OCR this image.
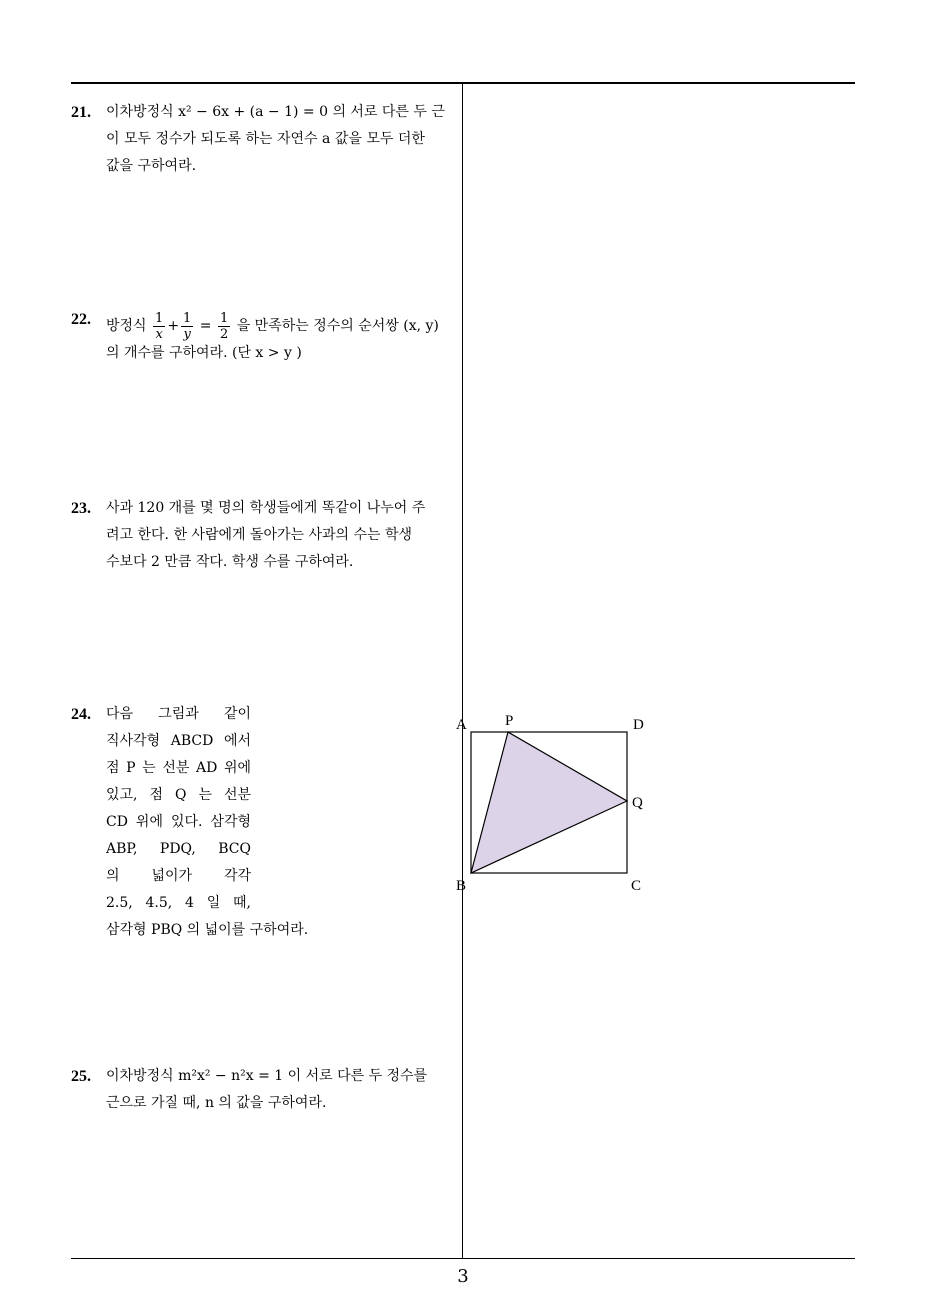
21. 이차방정식 x² − 6x + (a − 1) = 0 의 서로 다른 두 근
이 모두 정수가 되도록 하는 자연수 a 값을 모두 더한
값을 구하여라.
22. 방정식 $\frac{1}{x} + \frac{1}{y} = \frac{1}{2}$ 을 만족하는 정수의 순서쌍 (x, y)
의 개수를 구하여라. (단 x > y )
23. 사과 120 개를 몇 명의 학생들에게 똑같이 나누어 주
려고 한다. 한 사람에게 돌아가는 사과의 수는 학생
수보다 2 만큼 작다. 학생 수를 구하여라.
24. 다음 그림과 같이
직사각형 ABCD 에서
점 P 는 선분 AD 위에
있고, 점 Q 는 선분
CD 위에 있다. 삼각형
ABP, PDQ, BCQ
의 넓이가 각각
2.5, 4.5, 4 일 때,
삼각형 PBQ 의 넓이를 구하여라.
A	P	D
Q
B	C
25. 이차방정식 m²x² − n²x = 1 이 서로 다른 두 정수를
근으로 가질 때, n 의 값을 구하여라.
3
